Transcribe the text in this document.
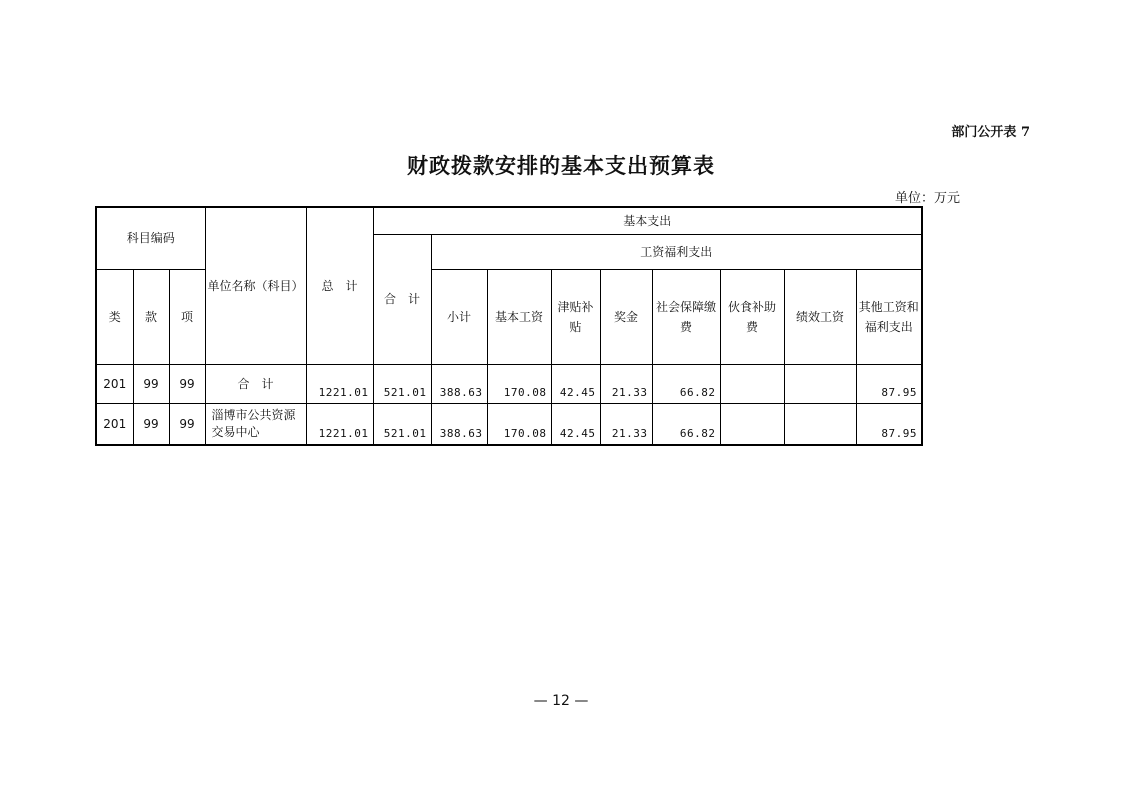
部门公开表 7
财政拨款安排的基本支出预算表
单位：万元
科目编码			单位名称（科目）	总　计	基本支出								
					合　计	工资福利支出							
类	款	项				小计	基本工资	津贴补贴	奖金	社会保障缴费	伙食补助费	绩效工资	其他工资和福利支出
201	99	99	合　计	1221.01	521.01	388.63	170.08	42.45	21.33	66.82			87.95
201	99	99	淄博市公共资源交易中心	1221.01	521.01	388.63	170.08	42.45	21.33	66.82			87.95
— 12 —
